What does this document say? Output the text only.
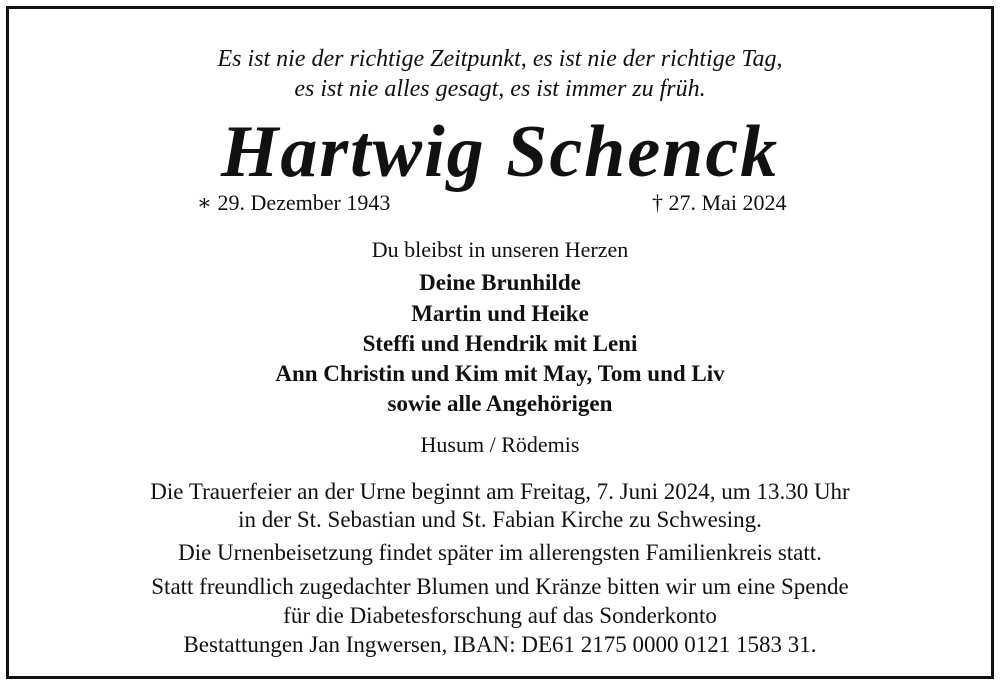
Es ist nie der richtige Zeitpunkt, es ist nie der richtige Tag,
es ist nie alles gesagt, es ist immer zu früh.
Hartwig Schenck
∗ 29. Dezember 1943	† 27. Mai 2024
Du bleibst in unseren Herzen
Deine Brunhilde
Martin und Heike
Steffi und Hendrik mit Leni
Ann Christin und Kim mit May, Tom und Liv
sowie alle Angehörigen
Husum / Rödemis
Die Trauerfeier an der Urne beginnt am Freitag, 7. Juni 2024, um 13.30 Uhr
in der St. Sebastian und St. Fabian Kirche zu Schwesing.
Die Urnenbeisetzung findet später im allerengsten Familienkreis statt.
Statt freundlich zugedachter Blumen und Kränze bitten wir um eine Spende
für die Diabetesforschung auf das Sonderkonto
Bestattungen Jan Ingwersen, IBAN: DE61 2175 0000 0121 1583 31.
